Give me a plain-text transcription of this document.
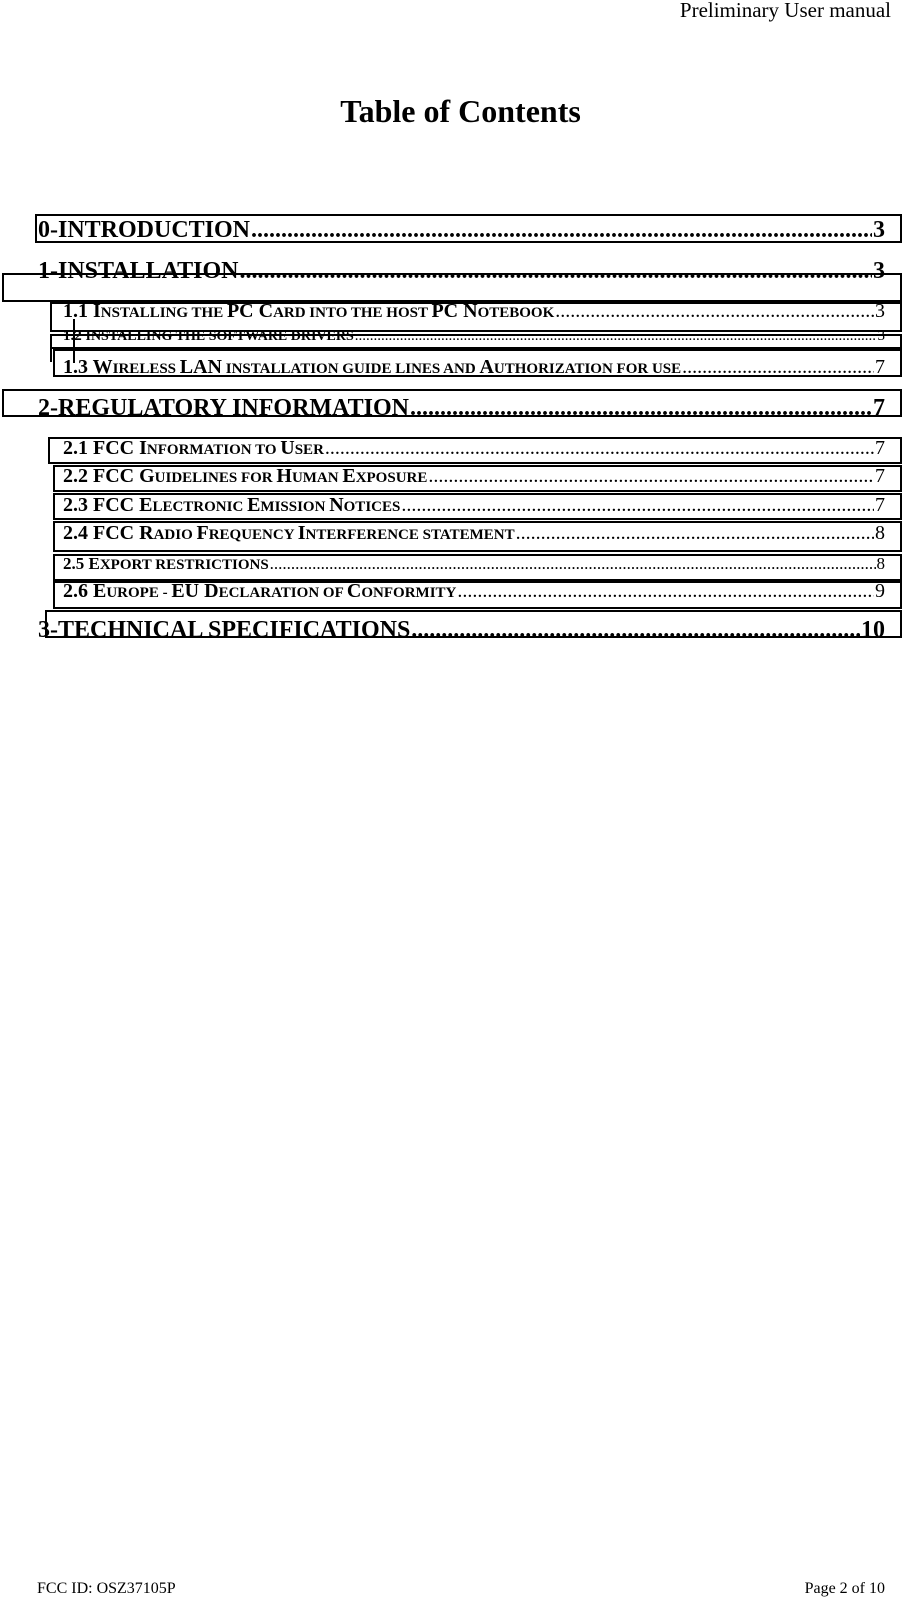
Preliminary User manual
Table of Contents
0-INTRODUCTION .....	3
1-INSTALLATION .....	3
1.1 INSTALLING THE PC CARD INTO THE HOST PC NOTEBOOK .....	3
1.2 INSTALLING THE SOFTWARE DRIVERS .....	3
1.3 WIRELESS LAN INSTALLATION GUIDE LINES AND AUTHORIZATION FOR USE .....	7
2-REGULATORY INFORMATION .....	7
2.1 FCC INFORMATION TO USER .....	7
2.2 FCC GUIDELINES FOR HUMAN EXPOSURE .....	7
2.3 FCC ELECTRONIC EMISSION NOTICES .....	7
2.4 FCC RADIO FREQUENCY INTERFERENCE STATEMENT .....	8
2.5 EXPORT RESTRICTIONS .....	8
2.6 EUROPE - EU DECLARATION OF CONFORMITY .....	9
3-TECHNICAL SPECIFICATIONS .....	10
FCC ID: OSZ37105P	Page 2 of 10
